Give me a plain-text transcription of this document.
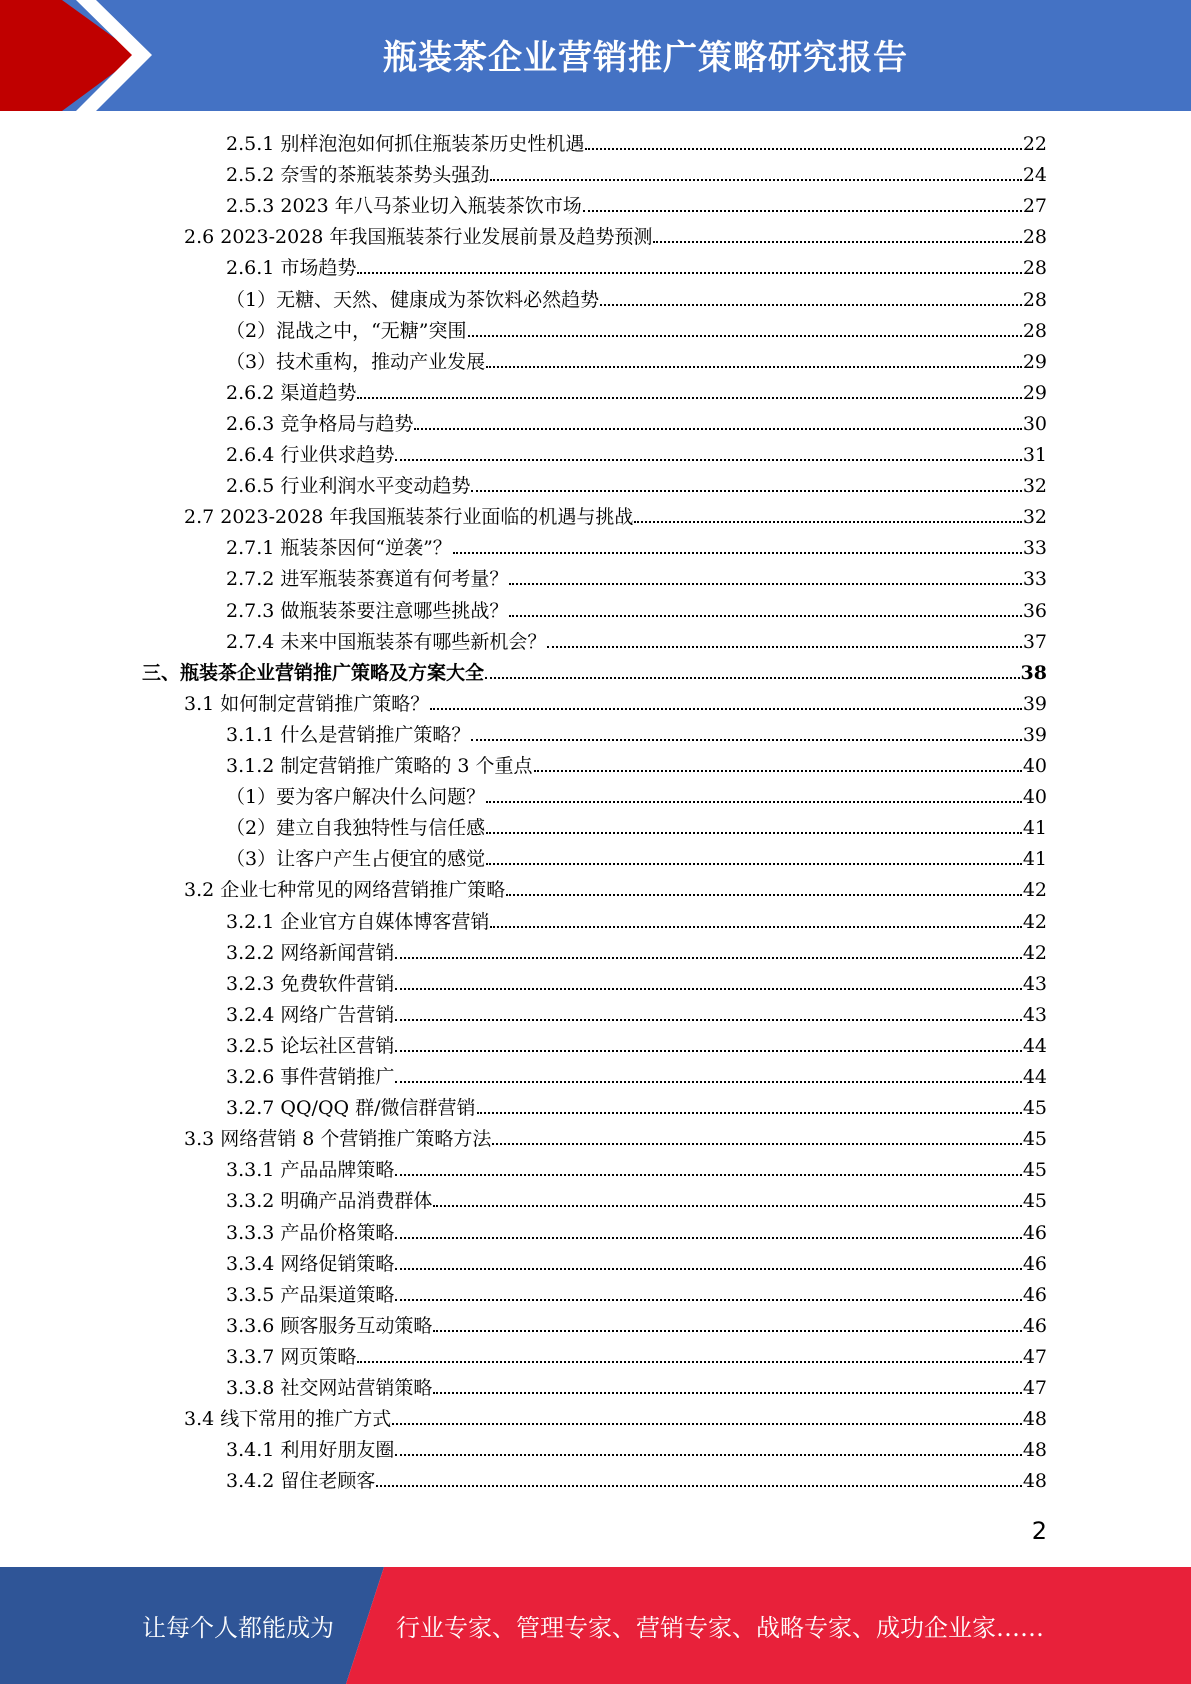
瓶装茶企业营销推广策略研究报告
2.5.1 别样泡泡如何抓住瓶装茶历史性机遇	22
2.5.2 奈雪的茶瓶装茶势头强劲	24
2.5.3 2023 年八马茶业切入瓶装茶饮市场	27
2.6 2023-2028 年我国瓶装茶行业发展前景及趋势预测	28
2.6.1 市场趋势	28
（1）无糖、天然、健康成为茶饮料必然趋势	28
（2）混战之中，“无糖”突围	28
（3）技术重构，推动产业发展	29
2.6.2 渠道趋势	29
2.6.3 竞争格局与趋势	30
2.6.4 行业供求趋势	31
2.6.5 行业利润水平变动趋势	32
2.7 2023-2028 年我国瓶装茶行业面临的机遇与挑战	32
2.7.1 瓶装茶因何“逆袭”？	33
2.7.2 进军瓶装茶赛道有何考量？	33
2.7.3 做瓶装茶要注意哪些挑战？	36
2.7.4 未来中国瓶装茶有哪些新机会？	37
三、瓶装茶企业营销推广策略及方案大全	38
3.1 如何制定营销推广策略？	39
3.1.1 什么是营销推广策略？	39
3.1.2 制定营销推广策略的 3 个重点	40
（1）要为客户解决什么问题？	40
（2）建立自我独特性与信任感	41
（3）让客户产生占便宜的感觉	41
3.2 企业七种常见的网络营销推广策略	42
3.2.1 企业官方自媒体博客营销	42
3.2.2 网络新闻营销	42
3.2.3 免费软件营销	43
3.2.4 网络广告营销	43
3.2.5 论坛社区营销	44
3.2.6 事件营销推广	44
3.2.7 QQ/QQ 群/微信群营销	45
3.3 网络营销 8 个营销推广策略方法	45
3.3.1 产品品牌策略	45
3.3.2 明确产品消费群体	45
3.3.3 产品价格策略	46
3.3.4 网络促销策略	46
3.3.5 产品渠道策略	46
3.3.6 顾客服务互动策略	46
3.3.7 网页策略	47
3.3.8 社交网站营销策略	47
3.4 线下常用的推广方式	48
3.4.1 利用好朋友圈	48
3.4.2 留住老顾客	48
2
让每个人都能成为	行业专家、管理专家、营销专家、战略专家、成功企业家……
